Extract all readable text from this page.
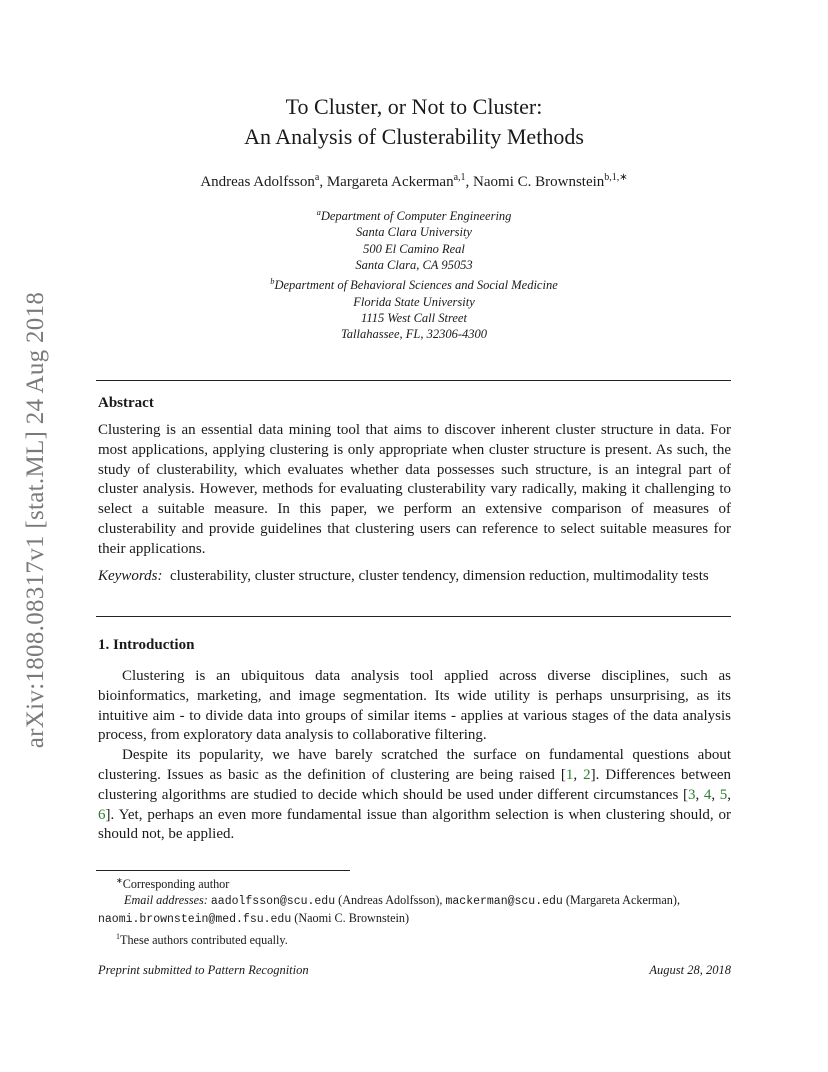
arXiv:1808.08317v1 [stat.ML] 24 Aug 2018
To Cluster, or Not to Cluster:
An Analysis of Clusterability Methods
Andreas Adolfsson$^a$, Margareta Ackerman$^{a,1}$, Naomi C. Brownstein$^{b,1,∗}$
$^a$Department of Computer Engineering
Santa Clara University
500 El Camino Real
Santa Clara, CA 95053
$^b$Department of Behavioral Sciences and Social Medicine
Florida State University
1115 West Call Street
Tallahassee, FL, 32306-4300
Abstract
Clustering is an essential data mining tool that aims to discover inherent cluster structure in data. For most applications, applying clustering is only appropriate when cluster structure is present. As such, the study of clusterability, which evaluates whether data possesses such structure, is an integral part of cluster analysis. However, methods for evaluating clusterability vary radically, making it challenging to select a suitable measure. In this paper, we perform an extensive comparison of measures of clusterability and provide guidelines that clustering users can reference to select suitable measures for their applications.
Keywords: clusterability, cluster structure, cluster tendency, dimension reduction, multimodality tests
1. Introduction

Clustering is an ubiquitous data analysis tool applied across diverse disciplines, such as bioinformatics, marketing, and image segmentation. Its wide utility is perhaps unsurprising, as its intuitive aim - to divide data into groups of similar items - applies at various stages of the data analysis process, from exploratory data analysis to collaborative filtering.

Despite its popularity, we have barely scratched the surface on fundamental questions about clustering. Issues as basic as the definition of clustering are being raised [1, 2]. Differences between clustering algorithms are studied to decide which should be used under different circumstances [3, 4, 5, 6]. Yet, perhaps an even more fundamental issue than algorithm selection is when clustering should, or should not, be applied.

∗Corresponding author

Email addresses: aadolfsson@scu.edu (Andreas Adolfsson), mackerman@scu.edu (Margareta Ackerman), naomi.brownstein@med.fsu.edu (Naomi C. Brownstein)

$^1$These authors contributed equally.

Preprint submitted to Pattern Recognition	August 28, 2018
